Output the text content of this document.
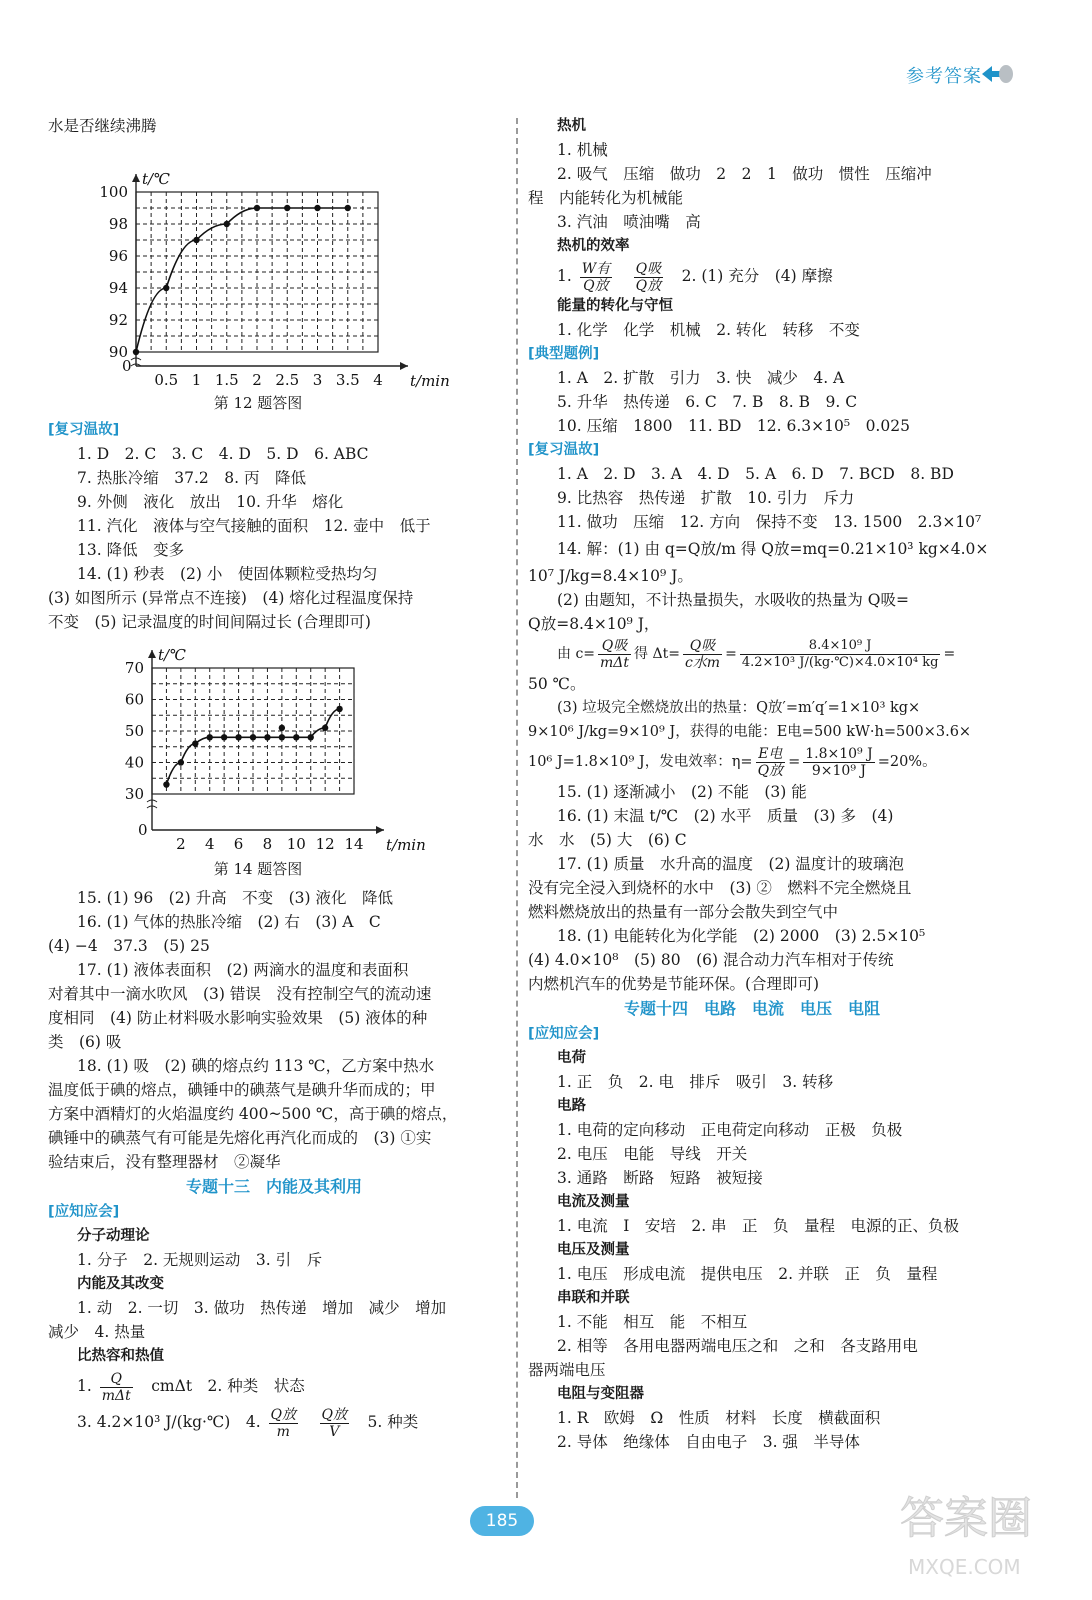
参考答案
水是否继续沸腾
t/℃
t/min
0
90
92
94
96
98
100
0.5 1 1.5 2 2.5 3 3.5 4
第 12 题答图
[复习温故]
1. D　2. C　3. C　4. D　5. D　6. ABC
7. 热胀冷缩　37.2　8. 丙　降低
9. 外侧　液化　放出　10. 升华　熔化
11. 汽化　液体与空气接触的面积　12. 壶中　低于
13. 降低　变多
14. (1) 秒表　(2) 小　使固体颗粒受热均匀
(3) 如图所示 (异常点不连接)　(4) 熔化过程温度保持
不变　(5) 记录温度的时间间隔过长 (合理即可)
t/℃
t/min
0
30
40
50
60
70
2 4 6 8 10 12 14
第 14 题答图
15. (1) 96　(2) 升高　不变　(3) 液化　降低
16. (1) 气体的热胀冷缩　(2) 右　(3) A　C
(4) −4　37.3　(5) 25
17. (1) 液体表面积　(2) 两滴水的温度和表面积
对着其中一滴水吹风　(3) 错误　没有控制空气的流动速
度相同　(4) 防止材料吸水影响实验效果　(5) 液体的种
类　(6) 吸
18. (1) 吸　(2) 碘的熔点约 113 ℃，乙方案中热水
温度低于碘的熔点，碘锤中的碘蒸气是碘升华而成的；甲
方案中酒精灯的火焰温度约 400~500 ℃，高于碘的熔点，
碘锤中的碘蒸气有可能是先熔化再汽化而成的　(3) ①实
验结束后，没有整理器材　②凝华
专题十三　内能及其利用
[应知应会]
分子动理论
1. 分子　2. 无规则运动　3. 引　斥
内能及其改变
1. 动　2. 一切　3. 做功　热传递　增加　减少　增加
减少　4. 热量
比热容和热值
1. $\frac{Q}{\text{mΔt}}$
　 cmΔt　2. 种类　状态
3. 4.2×10³ J/(kg·℃)　4. $\frac{\text{Q放}}{m}$
　 $\frac{\text{Q放}}{V}$
　 5. 种类
热机
1. 机械
2. 吸气　压缩　做功　2　2　1　做功　惯性　压缩冲
程　内能转化为机械能
3. 汽油　喷油嘴　高
热机的效率
1. $\frac{\text{W有}}{\text{Q放}}$
　 $\frac{\text{Q吸}}{\text{Q放}}$
　 2. (1) 充分　(4) 摩擦
能量的转化与守恒
1. 化学　化学　机械　2. 转化　转移　不变
[典型题例]
1. A　2. 扩散　引力　3. 快　减少　4. A
5. 升华　热传递　6. C　7. B　8. B　9. C
10. 压缩　1800　11. BD　12. 6.3×10⁵　0.025
[复习温故]
1. A　2. D　3. A　4. D　5. A　6. D　7. BCD　8. BD
9. 比热容　热传递　扩散　10. 引力　斥力
11. 做功　压缩　12. 方向　保持不变　13. 1500　2.3×10⁷
14. 解：(1) 由 q=Q放/m 得 Q放=mq=0.21×10³ kg×4.0×
10⁷ J/kg=8.4×10⁹ J。
(2) 由题知，不计热量损失，水吸收的热量为 Q吸=
Q放=8.4×10⁹ J，
由 $c= \frac{\text{Q吸}}{\text{mΔt}}$ 得 $\Delta t= \frac{\text{Q吸}}{\text{c水m}} = \frac{\text{8.4×10⁹ J}}{\text{4.2×10³ J/(kg·℃)×4.0×10⁴ kg}}$ =
50 ℃。
(3) 垃圾完全燃烧放出的热量：Q放′=m′q′=1×10³ kg×
9×10⁶ J/kg=9×10⁹ J，获得的电能：E电=500 kW·h=500×3.6×
10⁶ J=1.8×10⁹ J，发电效率：$\eta= \frac{\text{E电}}{\text{Q放}} = \frac{\text{1.8×10⁹ J}}{\text{9×10⁹ J}} =20\%$。
15. (1) 逐渐减小　(2) 不能　(3) 能
16. (1) 末温 t/℃　(2) 水平　质量　(3) 多　(4)
水　水　(5) 大　(6) C
17. (1) 质量　水升高的温度　(2) 温度计的玻璃泡
没有完全浸入到烧杯的水中　(3) ②　燃料不完全燃烧且
燃料燃烧放出的热量有一部分会散失到空气中
18. (1) 电能转化为化学能　(2) 2000　(3) 2.5×10⁵
(4) 4.0×10⁸　(5) 80　(6) 混合动力汽车相对于传统
内燃机汽车的优势是节能环保。(合理即可)
专题十四　电路　电流　电压　电阻
[应知应会]
电荷
1. 正　负　2. 电　排斥　吸引　3. 转移
电路
1. 电荷的定向移动　正电荷定向移动　正极　负极
2. 电压　电能　导线　开关
3. 通路　断路　短路　被短接
电流及测量
1. 电流　I　安培　2. 串　正　负　量程　电源的正、负极
电压及测量
1. 电压　形成电流　提供电压　2. 并联　正　负　量程
串联和并联
1. 不能　相互　能　不相互
2. 相等　各用电器两端电压之和　之和　各支路用电
器两端电压
电阻与变阻器
1. R　欧姆　Ω　性质　材料　长度　横截面积
2. 导体　绝缘体　自由电子　3. 强　半导体
185	答案圈
MXQE.COM
